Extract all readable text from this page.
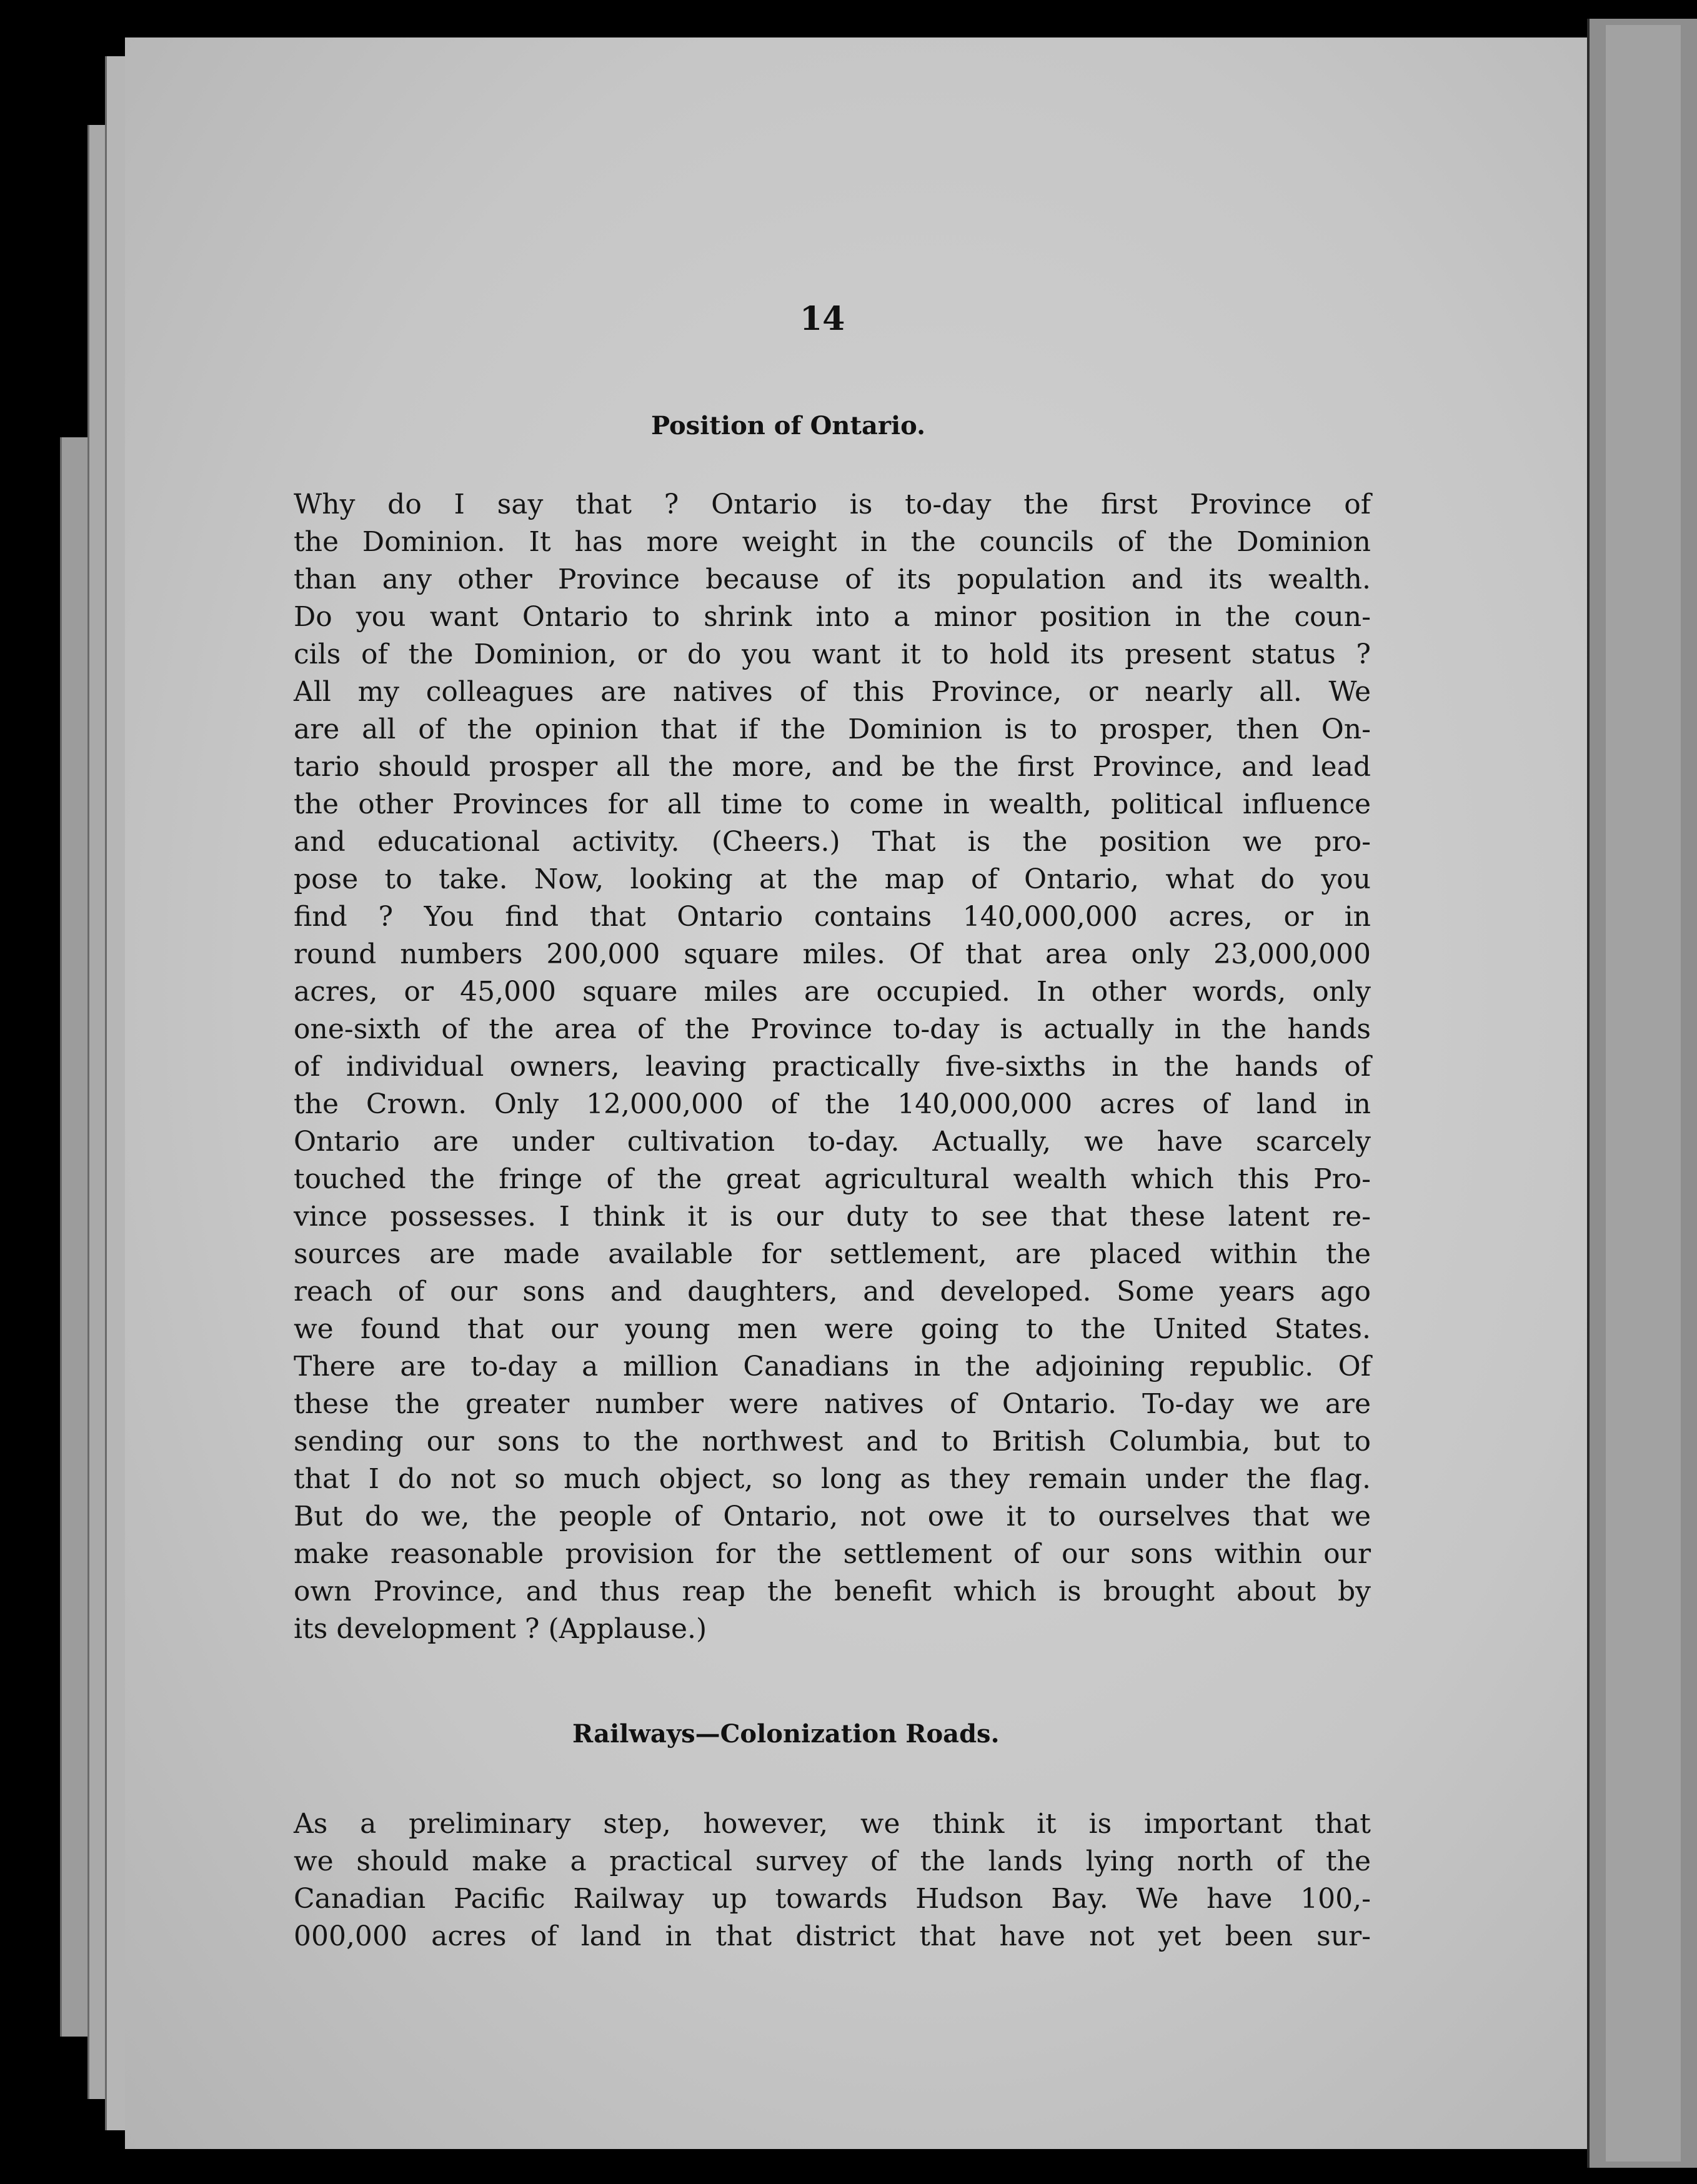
14
Position of Ontario.
Why do I say that ? Ontario is to-day the first Province of
the Dominion. It has more weight in the councils of the Dominion
than any other Province because of its population and its wealth.
Do you want Ontario to shrink into a minor position in the coun-
cils of the Dominion, or do you want it to hold its present status ?
All my colleagues are natives of this Province, or nearly all. We
are all of the opinion that if the Dominion is to prosper, then On-
tario should prosper all the more, and be the first Province, and lead
the other Provinces for all time to come in wealth, political influence
and educational activity. (Cheers.) That is the position we pro-
pose to take. Now, looking at the map of Ontario, what do you
find ? You find that Ontario contains 140,000,000 acres, or in
round numbers 200,000 square miles. Of that area only 23,000,000
acres, or 45,000 square miles are occupied. In other words, only
one-sixth of the area of the Province to-day is actually in the hands
of individual owners, leaving practically five-sixths in the hands of
the Crown. Only 12,000,000 of the 140,000,000 acres of land in
Ontario are under cultivation to-day. Actually, we have scarcely
touched the fringe of the great agricultural wealth which this Pro-
vince possesses. I think it is our duty to see that these latent re-
sources are made available for settlement, are placed within the
reach of our sons and daughters, and developed. Some years ago
we found that our young men were going to the United States.
There are to-day a million Canadians in the adjoining republic. Of
these the greater number were natives of Ontario. To-day we are
sending our sons to the northwest and to British Columbia, but to
that I do not so much object, so long as they remain under the flag.
But do we, the people of Ontario, not owe it to ourselves that we
make reasonable provision for the settlement of our sons within our
own Province, and thus reap the benefit which is brought about by
its development ? (Applause.)
Railways—Colonization Roads.
As a preliminary step, however, we think it is important that
we should make a practical survey of the lands lying north of the
Canadian Pacific Railway up towards Hudson Bay. We have 100,-
000,000 acres of land in that district that have not yet been sur-
